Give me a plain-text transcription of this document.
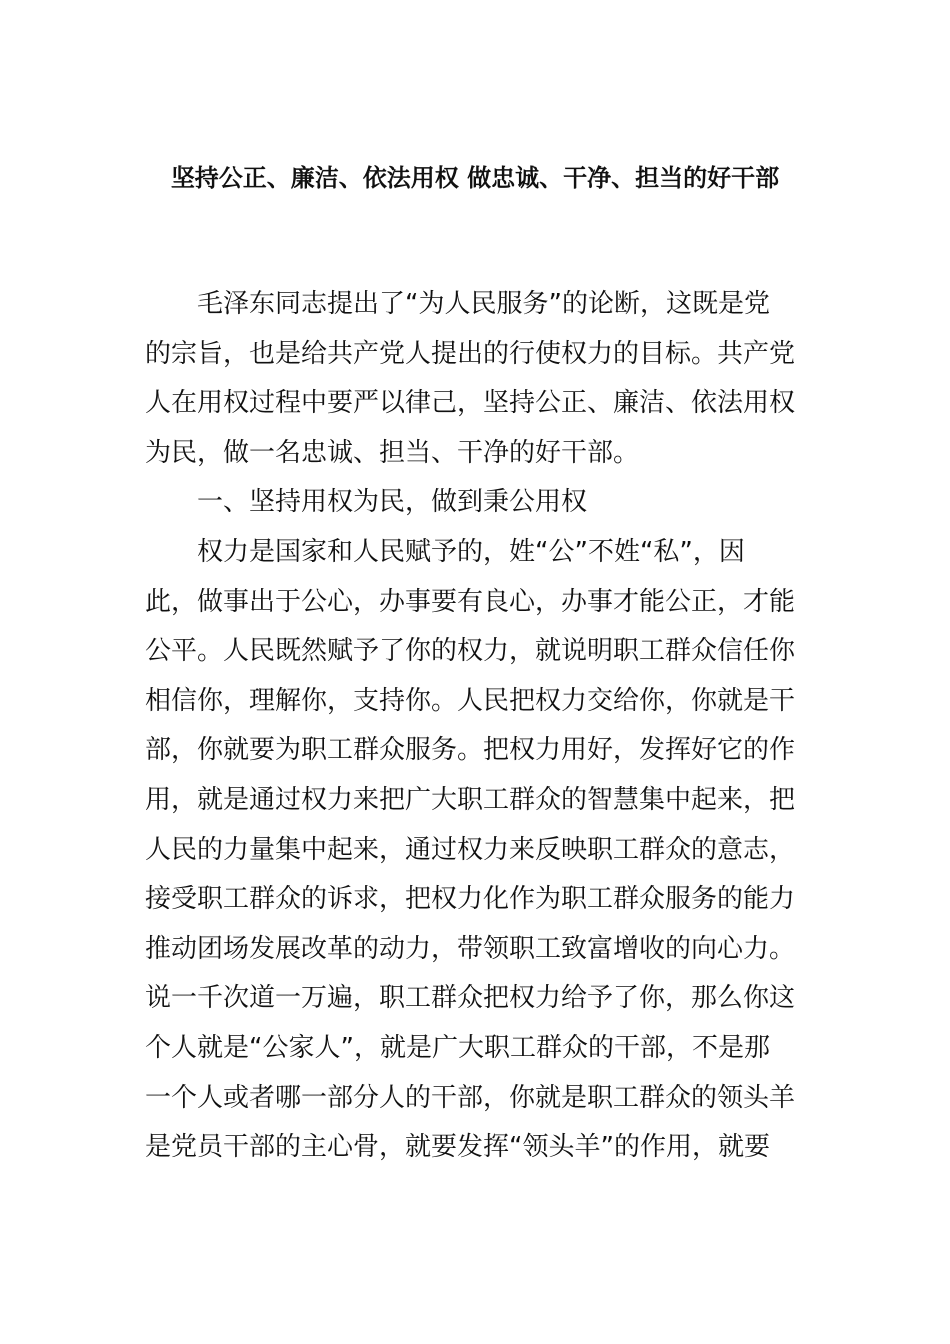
坚持公正、廉洁、依法用权 做忠诚、干净、担当的好干部
毛泽东同志提出了“为人民服务”的论断，这既是党
的宗旨，也是给共产党人提出的行使权力的目标。共产党
人在用权过程中要严以律己，坚持公正、廉洁、依法用权
为民，做一名忠诚、担当、干净的好干部。
一、坚持用权为民，做到秉公用权
权力是国家和人民赋予的，姓“公”不姓“私”，因
此，做事出于公心，办事要有良心，办事才能公正，才能
公平。人民既然赋予了你的权力，就说明职工群众信任你
相信你，理解你，支持你。人民把权力交给你，你就是干
部，你就要为职工群众服务。把权力用好，发挥好它的作
用，就是通过权力来把广大职工群众的智慧集中起来，把
人民的力量集中起来，通过权力来反映职工群众的意志，
接受职工群众的诉求，把权力化作为职工群众服务的能力
推动团场发展改革的动力，带领职工致富增收的向心力。
说一千次道一万遍，职工群众把权力给予了你，那么你这
个人就是“公家人”，就是广大职工群众的干部，不是那
一个人或者哪一部分人的干部，你就是职工群众的领头羊
是党员干部的主心骨，就要发挥“领头羊”的作用，就要
